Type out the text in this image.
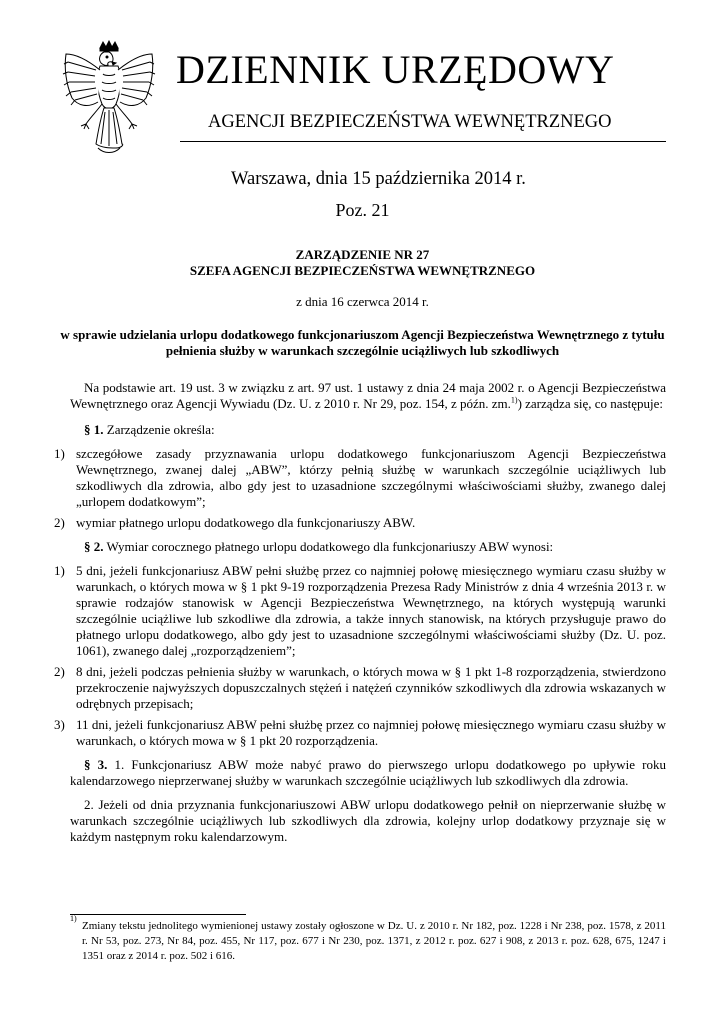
DZIENNIK URZĘDOWY
AGENCJI BEZPIECZEŃSTWA WEWNĘTRZNEGO
Warszawa, dnia 15 października 2014 r.
Poz. 21
ZARZĄDZENIE NR 27
SZEFA AGENCJI BEZPIECZEŃSTWA WEWNĘTRZNEGO
z dnia 16 czerwca 2014 r.
w sprawie udzielania urlopu dodatkowego funkcjonariuszom Agencji Bezpieczeństwa Wewnętrznego z tytułu pełnienia służby w warunkach szczególnie uciążliwych lub szkodliwych

Na podstawie art. 19 ust. 3 w związku z art. 97 ust. 1 ustawy z dnia 24 maja 2002 r. o Agencji Bezpieczeństwa Wewnętrznego oraz Agencji Wywiadu (Dz. U. z 2010 r. Nr 29, poz. 154, z późn. zm.$^{1)}$) zarządza się, co następuje:

§ 1. Zarządzenie określa:

1) szczegółowe zasady przyznawania urlopu dodatkowego funkcjonariuszom Agencji Bezpieczeństwa Wewnętrznego, zwanej dalej „ABW”, którzy pełnią służbę w warunkach szczególnie uciążliwych lub szkodliwych dla zdrowia, albo gdy jest to uzasadnione szczególnymi właściwościami służby, zwanego dalej „urlopem dodatkowym”;
2) wymiar płatnego urlopu dodatkowego dla funkcjonariuszy ABW.

§ 2. Wymiar corocznego płatnego urlopu dodatkowego dla funkcjonariuszy ABW wynosi:

1) 5 dni, jeżeli funkcjonariusz ABW pełni służbę przez co najmniej połowę miesięcznego wymiaru czasu służby w warunkach, o których mowa w § 1 pkt 9-19 rozporządzenia Prezesa Rady Ministrów z dnia 4 września 2013 r. w sprawie rodzajów stanowisk w Agencji Bezpieczeństwa Wewnętrznego, na których występują warunki szczególnie uciążliwe lub szkodliwe dla zdrowia, a także innych stanowisk, na których przysługuje prawo do płatnego urlopu dodatkowego, albo gdy jest to uzasadnione szczególnymi właściwościami służby (Dz. U. poz. 1061), zwanego dalej „rozporządzeniem”;
2) 8 dni, jeżeli podczas pełnienia służby w warunkach, o których mowa w § 1 pkt 1-8 rozporządzenia, stwierdzono przekroczenie najwyższych dopuszczalnych stężeń i natężeń czynników szkodliwych dla zdrowia wskazanych w odrębnych przepisach;
3) 11 dni, jeżeli funkcjonariusz ABW pełni służbę przez co najmniej połowę miesięcznego wymiaru czasu służby w warunkach, o których mowa w § 1 pkt 20 rozporządzenia.

§ 3. 1. Funkcjonariusz ABW może nabyć prawo do pierwszego urlopu dodatkowego po upływie roku kalendarzowego nieprzerwanej służby w warunkach szczególnie uciążliwych lub szkodliwych dla zdrowia.

2. Jeżeli od dnia przyznania funkcjonariuszowi ABW urlopu dodatkowego pełnił on nieprzerwanie służbę w warunkach szczególnie uciążliwych lub szkodliwych dla zdrowia, kolejny urlop dodatkowy przyznaje się w każdym następnym roku kalendarzowym.

1)
Zmiany tekstu jednolitego wymienionej ustawy zostały ogłoszone w Dz. U. z 2010 r. Nr 182, poz. 1228 i Nr 238, poz. 1578, z 2011 r. Nr 53, poz. 273, Nr 84, poz. 455, Nr 117, poz. 677 i Nr 230, poz. 1371, z 2012 r. poz. 627 i 908, z 2013 r. poz. 628, 675, 1247 i 1351 oraz z 2014 r. poz. 502 i 616.
